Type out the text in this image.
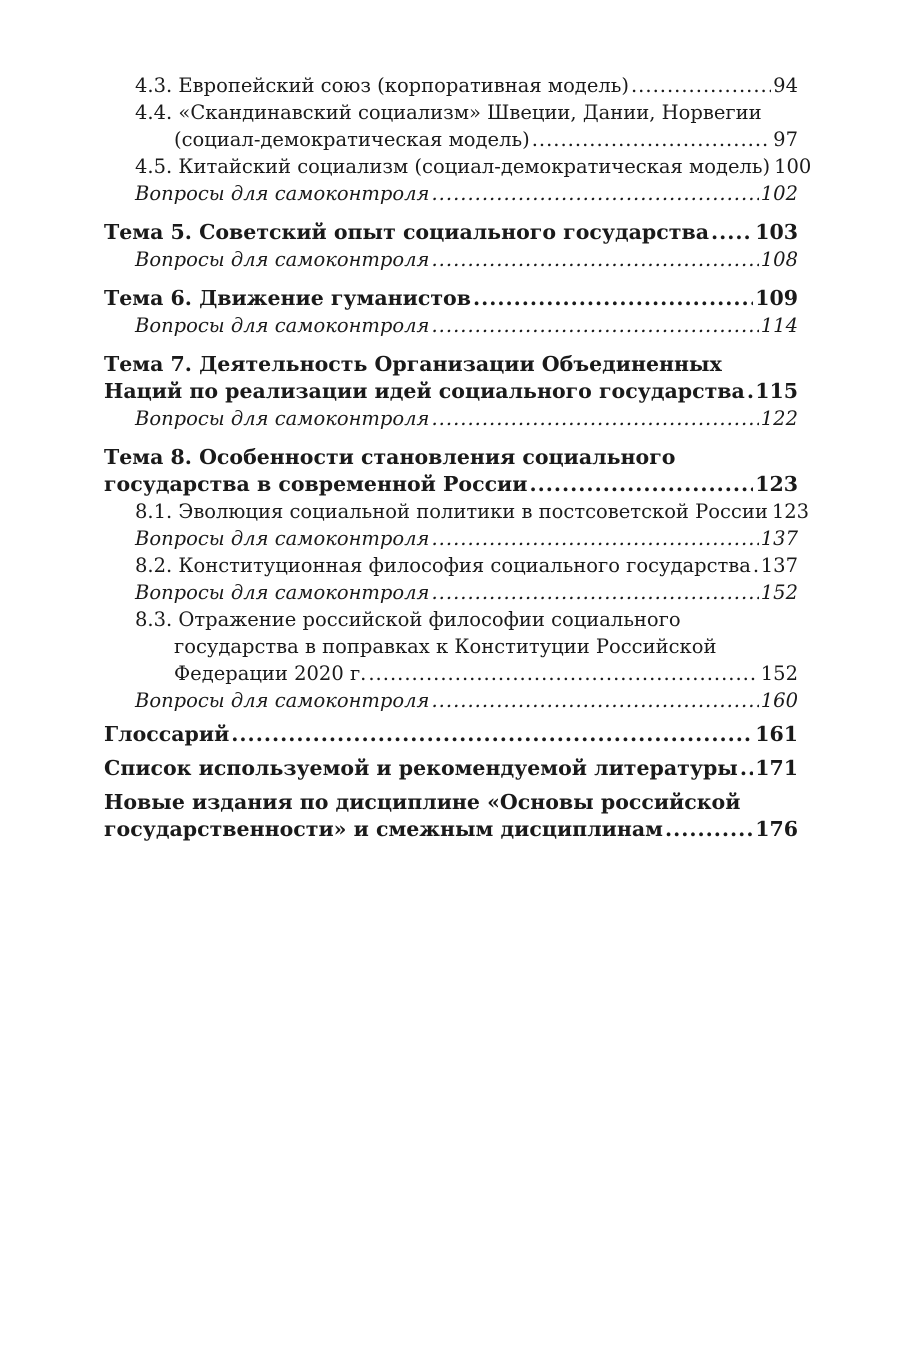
4.3. Европейский союз (корпоративная модель) .....	94
4.4. «Скандинавский социализм» Швеции, Дании, Норвегии
(социал-демократическая модель) .....	97
4.5. Китайский социализм (социал-демократическая модель) 100
Вопросы для самоконтроля .....	102
Тема 5. Советский опыт социального государства ..... 103
Вопросы для самоконтроля .....	108
Тема 6. Движение гуманистов .....	109
Вопросы для самоконтроля .....	114
Тема 7. Деятельность Организации Объединенных
Наций по реализации идей социального государства ..... 115
Вопросы для самоконтроля .....	122
Тема 8. Особенности становления социального
государства в современной России .....	123
8.1. Эволюция социальной политики в постсоветской России 123
Вопросы для самоконтроля .....	137
8.2. Конституционная философия социального государства ..... 137
Вопросы для самоконтроля .....	152
8.3. Отражение российской философии социального
государства в поправках к Конституции Российской
Федерации 2020 г. .....	152
Вопросы для самоконтроля .....	160
Глоссарий .....	161
Список используемой и рекомендуемой литературы ..... 171
Новые издания по дисциплине «Основы российской
государственности» и смежным дисциплинам .....	176
